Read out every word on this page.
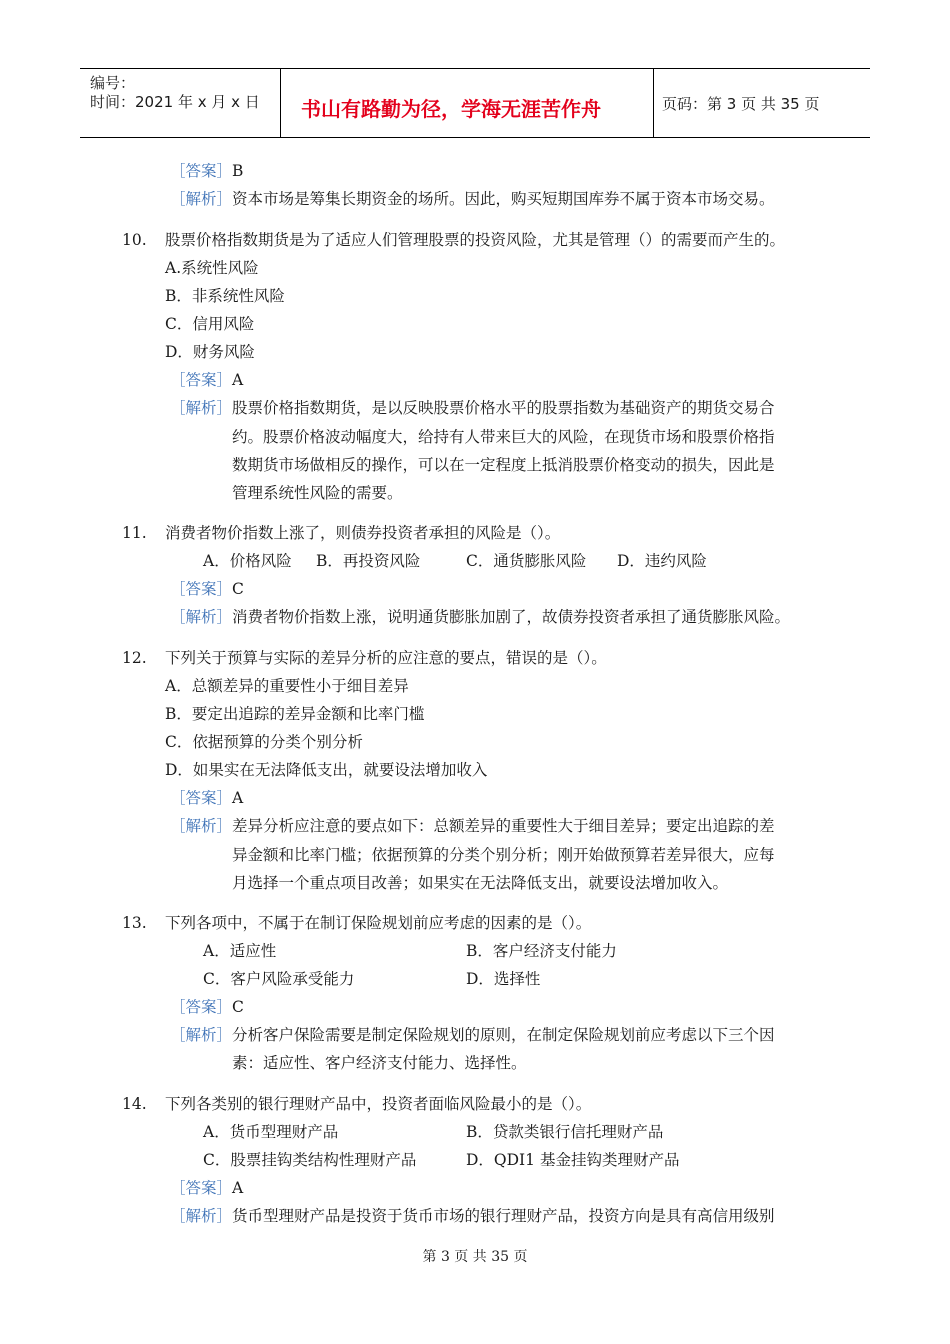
编号：
时间：2021 年 x 月 x 日 书山有路勤为径，学海无涯苦作舟	页码：第 3 页 共 35 页
［答案］B
［解析］资本市场是筹集长期资金的场所。因此，购买短期国库券不属于资本市场交易。
10. 股票价格指数期货是为了适应人们管理股票的投资风险，尤其是管理（）的需要而产生的。
A.系统性风险
B．非系统性风险
C．信用风险
D．财务风险
［答案］A
［解析］股票价格指数期货，是以反映股票价格水平的股票指数为基础资产的期货交易合
约。股票价格波动幅度大，给持有人带来巨大的风险，在现货市场和股票价格指
数期货市场做相反的操作，可以在一定程度上抵消股票价格变动的损失，因此是
管理系统性风险的需要。
11. 消费者物价指数上涨了，则债券投资者承担的风险是（）。
A．价格风险 B．再投资风险	C．通货膨胀风险 D．违约风险
［答案］C
［解析］消费者物价指数上涨，说明通货膨胀加剧了，故债券投资者承担了通货膨胀风险。
12. 下列关于预算与实际的差异分析的应注意的要点，错误的是（）。
A．总额差异的重要性小于细目差异
B．要定出追踪的差异金额和比率门槛
C．依据预算的分类个别分析
D．如果实在无法降低支出，就要设法增加收入
［答案］A
［解析］差异分析应注意的要点如下：总额差异的重要性大于细目差异；要定出追踪的差
异金额和比率门槛；依据预算的分类个别分析；刚开始做预算若差异很大，应每
月选择一个重点项目改善；如果实在无法降低支出，就要设法增加收入。
13. 下列各项中，不属于在制订保险规划前应考虑的因素的是（）。
A．适应性	B．客户经济支付能力
C．客户风险承受能力	D．选择性
［答案］C
［解析］分析客户保险需要是制定保险规划的原则，在制定保险规划前应考虑以下三个因
素：适应性、客户经济支付能力、选择性。
14. 下列各类别的银行理财产品中，投资者面临风险最小的是（）。
A．货币型理财产品	B．贷款类银行信托理财产品
C．股票挂钩类结构性理财产品	D．QDI1 基金挂钩类理财产品
［答案］A
［解析］货币型理财产品是投资于货币市场的银行理财产品，投资方向是具有高信用级别
第 3 页 共 35 页
